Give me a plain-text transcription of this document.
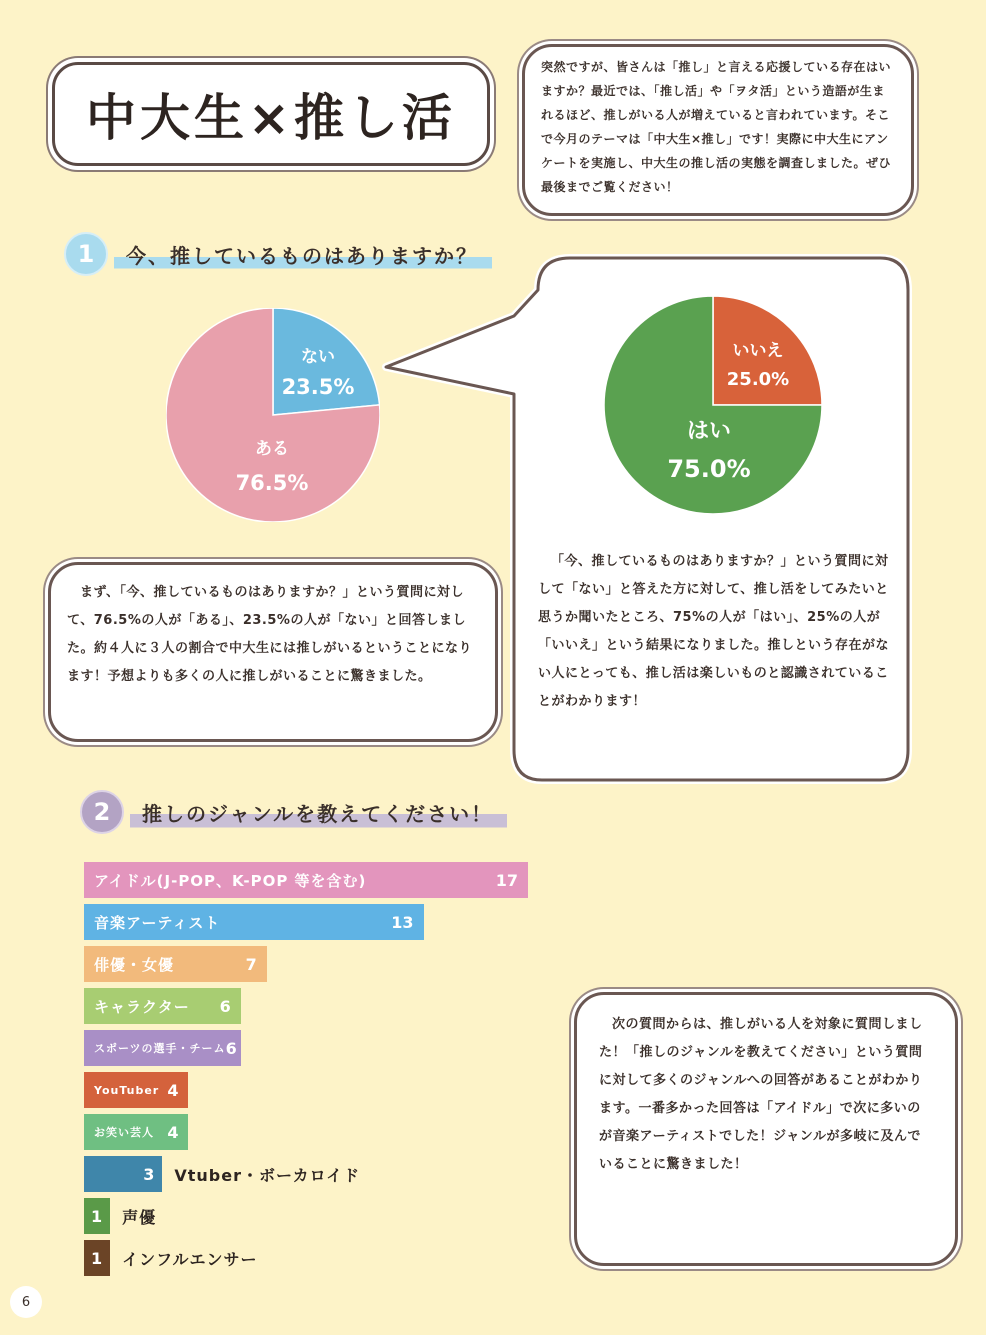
中大生×推し活

突然ですが、皆さんは「推し」と言える応援している存在はいますか？最近では、「推し活」や「ヲタ活」という造語が生まれるほど、推しがいる人が増えていると言われています。そこで今月のテーマは「中大生×推し」です！実際に中大生にアンケートを実施し、中大生の推し活の実態を調査しました。ぜひ最後までご覧ください！

1	今、推しているものはありますか？
ない
23.5%
ある
76.5%
いいえ
25.0%
はい
75.0%

「今、推しているものはありますか？」という質問に対して「ない」と答えた方に対して、推し活をしてみたいと思うか聞いたところ、75%の人が「はい」、25%の人が「いいえ」という結果になりました。推しという存在がない人にとっても、推し活は楽しいものと認識されていることがわかります！

まず、「今、推しているものはありますか？」という質問に対して、76.5%の人が「ある」、23.5%の人が「ない」と回答しました。約４人に３人の割合で中大生には推しがいるということになります！予想よりも多くの人に推しがいることに驚きました。

2	推しのジャンルを教えてください！
アイドル(J-POP、K-POP 等を含む)	17
音楽アーティスト	13
俳優・女優	7
キャラクター 6
スポーツの選手・チーム 6
YouTuber 4
お笑い芸人 4
3 Vtuber・ボーカロイド
1 声優
1 インフルエンサー

次の質問からは、推しがいる人を対象に質問しました！「推しのジャンルを教えてください」という質問に対して多くのジャンルへの回答があることがわかります。一番多かった回答は「アイドル」で次に多いのが音楽アーティストでした！ジャンルが多岐に及んでいることに驚きました！

6
